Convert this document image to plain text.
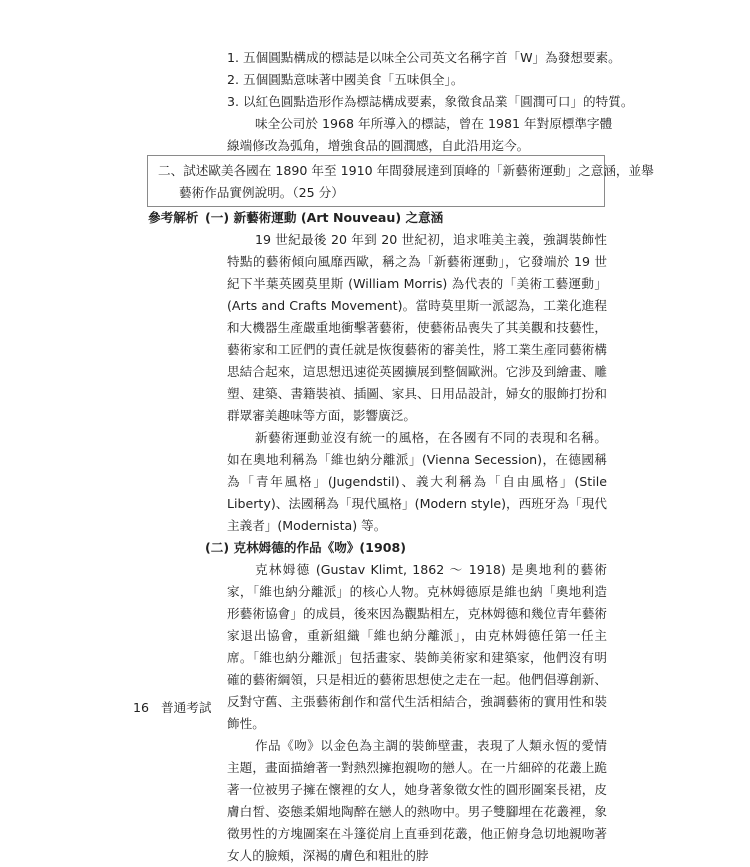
1. 五個圓點構成的標誌是以味全公司英文名稱字首「W」為發想要素。
2. 五個圓點意味著中國美食「五味俱全」。
3. 以紅色圓點造形作為標誌構成要素，象徵食品業「圓潤可口」的特質。
味全公司於 1968 年所導入的標誌，曾在 1981 年對原標準字體線端修改為弧角，增強食品的圓潤感，自此沿用迄今。
二、試述歐美各國在 1890 年至 1910 年間發展達到頂峰的「新藝術運動」之意涵，並舉
藝術作品實例說明。（25 分）
參考解析 (一) 新藝術運動 (Art Nouveau) 之意涵

19 世紀最後 20 年到 20 世紀初，追求唯美主義，強調裝飾性特點的藝術傾向風靡西歐，稱之為「新藝術運動」，它發端於 19 世紀下半葉英國莫里斯 (William Morris) 為代表的「美術工藝運動」(Arts and Crafts Movement)。當時莫里斯一派認為，工業化進程和大機器生產嚴重地衝擊著藝術，使藝術品喪失了其美觀和技藝性，藝術家和工匠們的責任就是恢復藝術的審美性，將工業生產同藝術構思結合起來，這思想迅速從英國擴展到整個歐洲。它涉及到繪畫、雕塑、建築、書籍裝禎、插圖、家具、日用品設計，婦女的服飾打扮和群眾審美趣味等方面，影響廣泛。

新藝術運動並沒有統一的風格，在各國有不同的表現和名稱。如在奧地利稱為「維也納分離派」(Vienna Secession)，在德國稱為「青年風格」(Jugendstil)、義大利稱為「自由風格」(Stile Liberty)、法國稱為「現代風格」(Modern style)，西班牙為「現代主義者」(Modernista) 等。

(二) 克林姆德的作品《吻》(1908)

克林姆德 (Gustav Klimt, 1862 ～ 1918) 是奧地利的藝術家，「維也納分離派」的核心人物。克林姆德原是維也納「奧地利造形藝術協會」的成員，後來因為觀點相左，克林姆德和幾位青年藝術家退出協會，重新組織「維也納分離派」，由克林姆德任第一任主席。「維也納分離派」包括畫家、裝飾美術家和建築家，他們沒有明確的藝術綱領，只是相近的藝術思想使之走在一起。他們倡導創新、反對守舊、主張藝術創作和當代生活相結合，強調藝術的實用性和裝飾性。

作品《吻》以金色為主調的裝飾壁畫，表現了人類永恆的愛情主題，畫面描繪著一對熱烈擁抱親吻的戀人。在一片細碎的花叢上跪著一位被男子擁在懷裡的女人，她身著象徵女性的圓形圖案長裙，皮膚白皙、姿態柔媚地陶醉在戀人的熱吻中。男子雙腳埋在花叢裡，象徵男性的方塊圖案在斗篷從肩上直垂到花叢，他正俯身急切地親吻著女人的臉頰，深褐的膚色和粗壯的脖

16 普通考試
